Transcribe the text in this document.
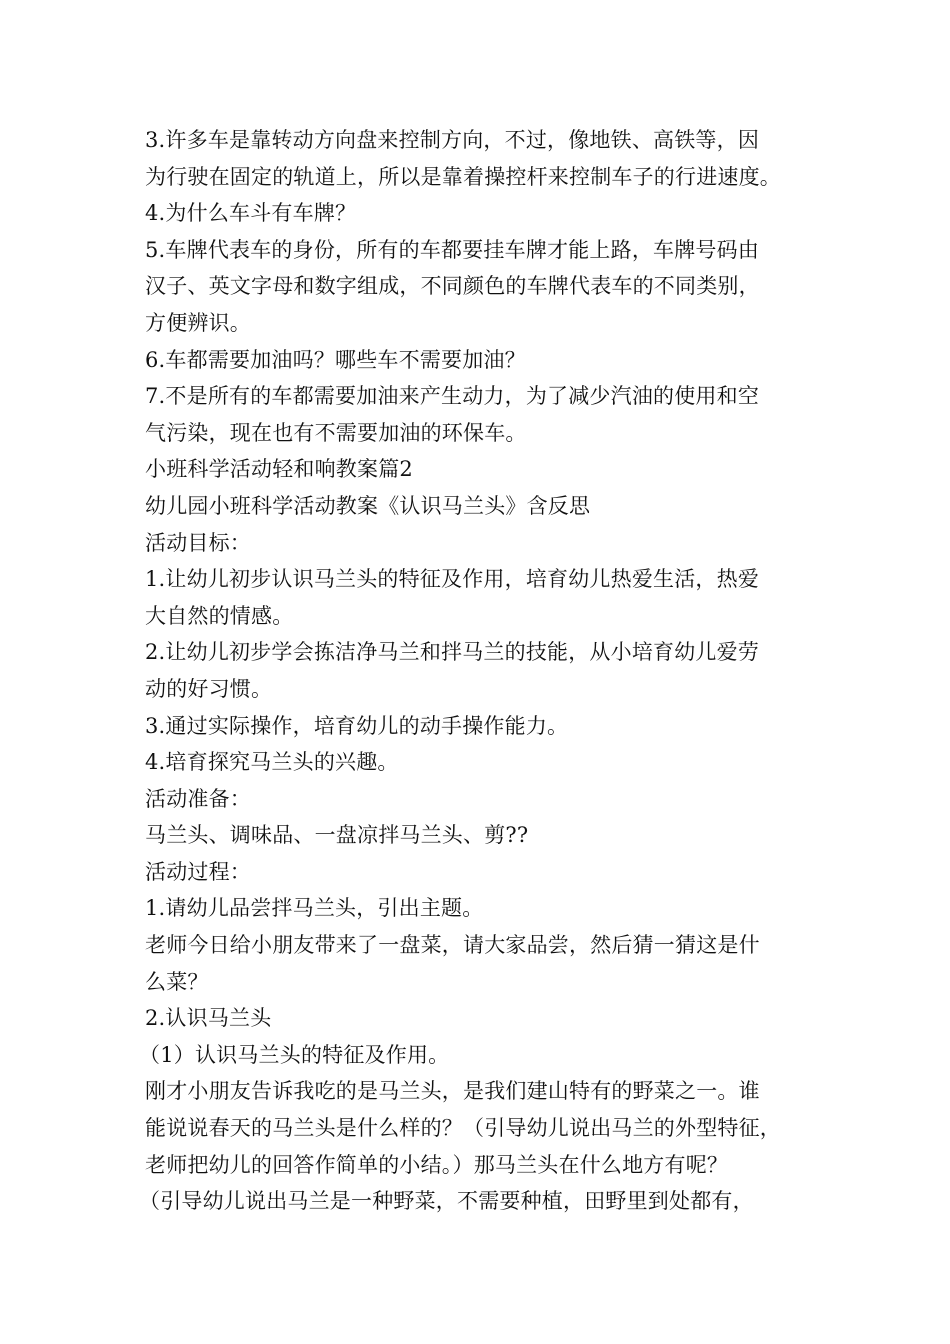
3.许多车是靠转动方向盘来控制方向，不过，像地铁、高铁等，因
为行驶在固定的轨道上，所以是靠着操控杆来控制车子的行进速度。
4.为什么车斗有车牌？
5.车牌代表车的身份，所有的车都要挂车牌才能上路，车牌号码由
汉子、英文字母和数字组成，不同颜色的车牌代表车的不同类别，
方便辨识。
6.车都需要加油吗？哪些车不需要加油？
7.不是所有的车都需要加油来产生动力，为了减少汽油的使用和空
气污染，现在也有不需要加油的环保车。
小班科学活动轻和响教案篇2
幼儿园小班科学活动教案《认识马兰头》含反思
活动目标：
1.让幼儿初步认识马兰头的特征及作用，培育幼儿热爱生活，热爱
大自然的情感。
2.让幼儿初步学会拣洁净马兰和拌马兰的技能，从小培育幼儿爱劳
动的好习惯。
3.通过实际操作，培育幼儿的动手操作能力。
4.培育探究马兰头的兴趣。
活动准备：
马兰头、调味品、一盘凉拌马兰头、剪??
活动过程：
1.请幼儿品尝拌马兰头，引出主题。
老师今日给小朋友带来了一盘菜，请大家品尝，然后猜一猜这是什
么菜？
2.认识马兰头
（1）认识马兰头的特征及作用。
刚才小朋友告诉我吃的是马兰头，是我们建山特有的野菜之一。谁
能说说春天的马兰头是什么样的？（引导幼儿说出马兰的外型特征，
老师把幼儿的回答作简单的小结。）那马兰头在什么地方有呢？
（引导幼儿说出马兰是一种野菜，不需要种植，田野里到处都有，
